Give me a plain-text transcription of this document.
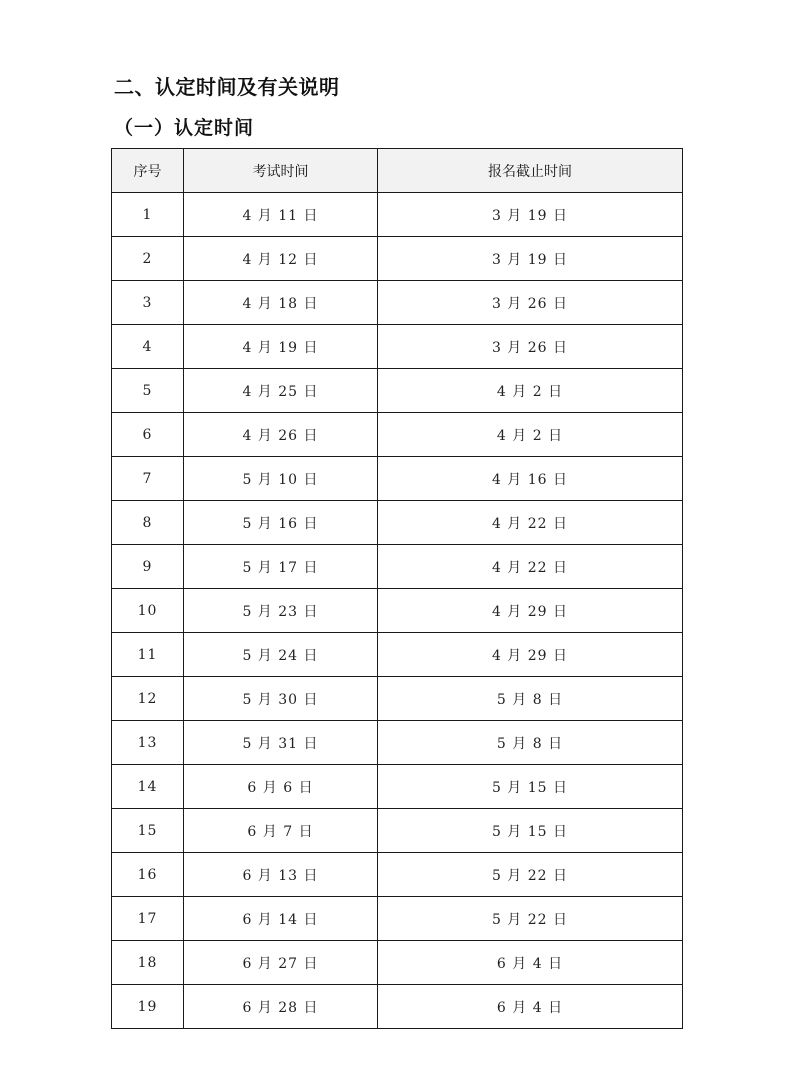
二、认定时间及有关说明
（一）认定时间
序号	考试时间	报名截止时间
1	4 月 11 日	3 月 19 日
2	4 月 12 日	3 月 19 日
3	4 月 18 日	3 月 26 日
4	4 月 19 日	3 月 26 日
5	4 月 25 日	4 月 2 日
6	4 月 26 日	4 月 2 日
7	5 月 10 日	4 月 16 日
8	5 月 16 日	4 月 22 日
9	5 月 17 日	4 月 22 日
10	5 月 23 日	4 月 29 日
11	5 月 24 日	4 月 29 日
12	5 月 30 日	5 月 8 日
13	5 月 31 日	5 月 8 日
14	6 月 6 日	5 月 15 日
15	6 月 7 日	5 月 15 日
16	6 月 13 日	5 月 22 日
17	6 月 14 日	5 月 22 日
18	6 月 27 日	6 月 4 日
19	6 月 28 日	6 月 4 日
